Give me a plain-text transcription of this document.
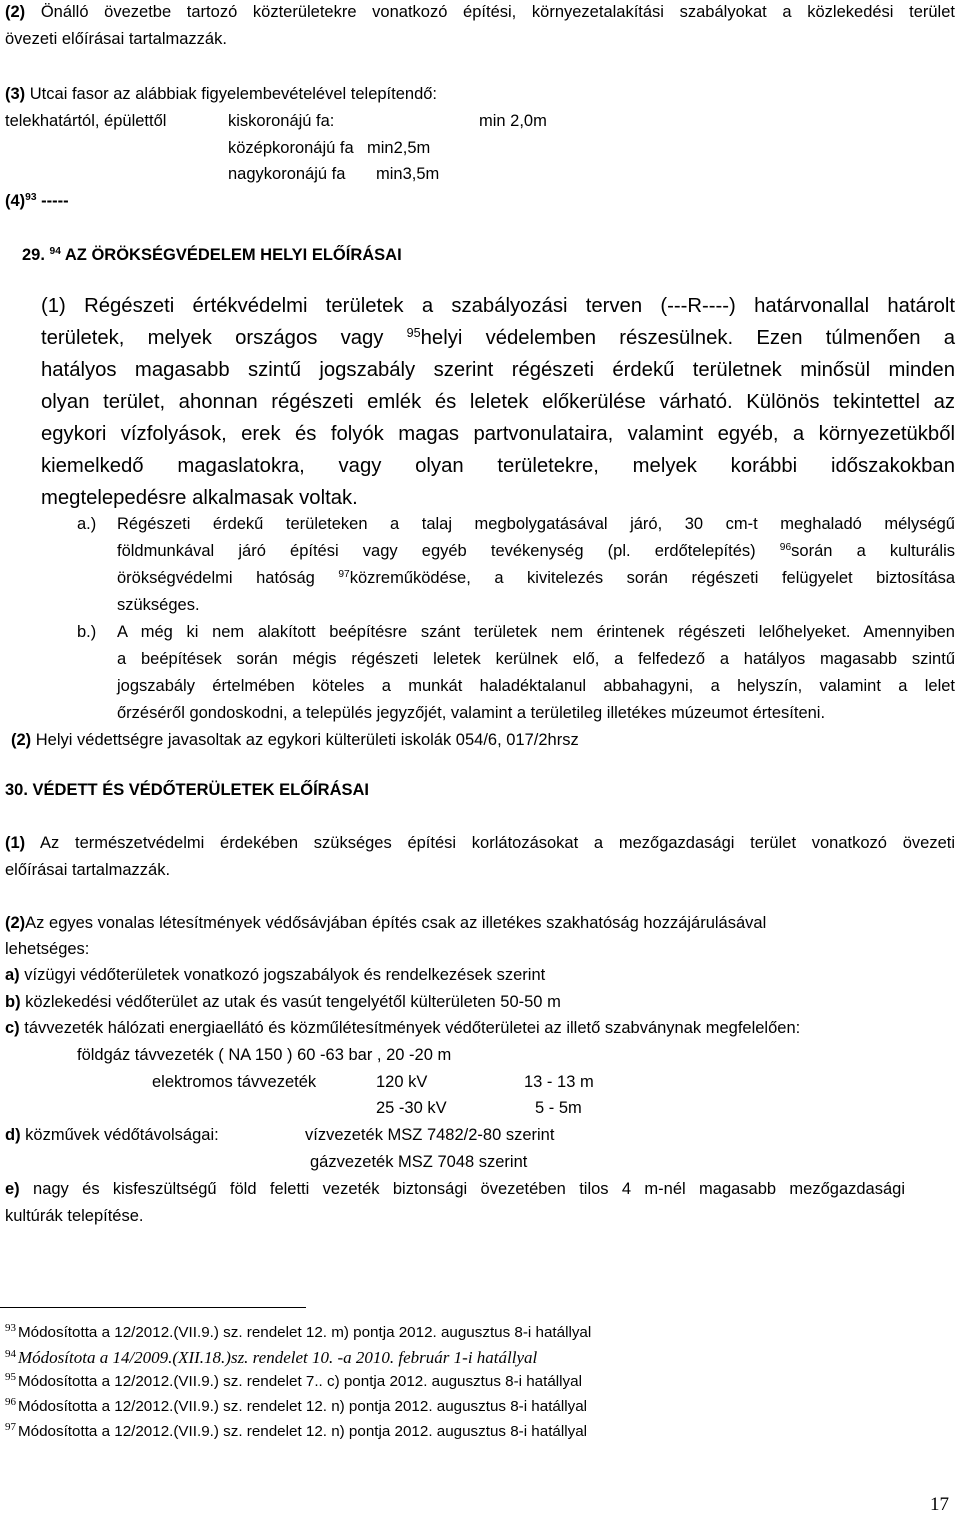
(2) Önálló övezetbe tartozó közterületekre vonatkozó építési, környezetalakítási szabályokat a közlekedési terület
övezeti előírásai tartalmazzák.
(3) Utcai fasor az alábbiak figyelembevételével telepítendő:
telekhatártól, épülettől	kiskoronájú fa:	min 2,0m
középkoronájú fa min2,5m
nagykoronájú fa min3,5m
$(4)^{93}$ -----
29. $^{94}$ AZ ÖRÖKSÉGVÉDELEM HELYI ELŐÍRÁSAI
(1) Régészeti értékvédelmi területek a szabályozási terven (---R----) határvonallal határolt
területek, melyek országos vagy $^{95}$helyi védelemben részesülnek. Ezen túlmenően a
hatályos magasabb szintű jogszabály szerint régészeti érdekű területnek minősül minden
olyan terület, ahonnan régészeti emlék és leletek előkerülése várható. Különös tekintettel az
egykori vízfolyások, erek és folyók magas partvonulataira, valamint egyéb, a környezetükből
kiemelkedő magaslatokra, vagy olyan területekre, melyek korábbi időszakokban
megtelepedésre alkalmasak voltak.
a.) Régészeti érdekű területeken a talaj megbolygatásával járó, 30 cm-t meghaladó mélységű
földmunkával járó építési vagy egyéb tevékenység (pl. erdőtelepítés) $^{96}$során a kulturális
örökségvédelmi hatóság $^{97}$közreműködése, a kivitelezés során régészeti felügyelet biztosítása
szükséges.
b.) A még ki nem alakított beépítésre szánt területek nem érintenek régészeti lelőhelyeket. Amennyiben
a beépítések során mégis régészeti leletek kerülnek elő, a felfedező a hatályos magasabb szintű
jogszabály értelmében köteles a munkát haladéktalanul abbahagyni, a helyszín, valamint a lelet
őrzéséről gondoskodni, a település jegyzőjét, valamint a területileg illetékes múzeumot értesíteni.
(2) Helyi védettségre javasoltak az egykori külterületi iskolák 054/6, 017/2hrsz
30. VÉDETT ÉS VÉDŐTERÜLETEK ELŐÍRÁSAI
(1) Az természetvédelmi érdekében szükséges építési korlátozásokat a mezőgazdasági terület vonatkozó övezeti
előírásai tartalmazzák.
(2)Az egyes vonalas létesítmények védősávjában építés csak az illetékes szakhatóság hozzájárulásával
lehetséges:
a) vízügyi védőterületek vonatkozó jogszabályok és rendelkezések szerint
b) közlekedési védőterület az utak és vasút tengelyétől külterületen 50-50 m
c) távvezeték hálózati energiaellátó és közműlétesítmények védőterületei az illető szabványnak megfelelően:
földgáz távvezeték ( NA 150 ) 60 -63 bar , 20 -20 m
elektromos távvezeték	120 kV	13 - 13 m
25 -30 kV	5 - 5m
d) közművek védőtávolságai:	vízvezeték MSZ 7482/2-80 szerint
gázvezeték MSZ 7048 szerint
e) nagy és kisfeszültségű föld feletti vezeték biztonsági övezetében tilos 4 m-nél magasabb mezőgazdasági
kultúrák telepítése.
$^{93}$ Módosította a 12/2012.(VII.9.) sz. rendelet 12. m) pontja 2012. augusztus 8-i hatállyal
$^{94}$ Módosítota a 14/2009.(XII.18.)sz. rendelet 10. -a 2010. február 1-i hatállyal
$^{95}$ Módosította a 12/2012.(VII.9.) sz. rendelet 7.. c) pontja 2012. augusztus 8-i hatállyal
$^{96}$ Módosította a 12/2012.(VII.9.) sz. rendelet 12. n) pontja 2012. augusztus 8-i hatállyal
$^{97}$ Módosította a 12/2012.(VII.9.) sz. rendelet 12. n) pontja 2012. augusztus 8-i hatállyal
17
